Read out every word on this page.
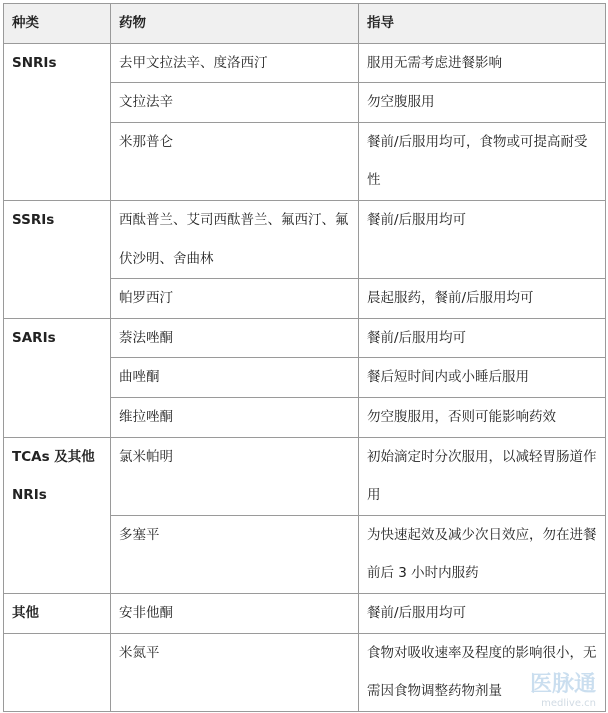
种类	药物	指导
SNRIs	去甲文拉法辛、度洛西汀	服用无需考虑进餐影响
	文拉法辛	勿空腹服用
	米那普仑	餐前/后服用均可，食物或可提高耐受性
SSRIs	西酞普兰、艾司西酞普兰、氟西汀、氟伏沙明、舍曲林	餐前/后服用均可
	帕罗西汀	晨起服药，餐前/后服用均可
SARIs	萘法唑酮	餐前/后服用均可
	曲唑酮	餐后短时间内或小睡后服用
	维拉唑酮	勿空腹服用，否则可能影响药效
TCAs 及其他 NRIs	氯米帕明	初始滴定时分次服用，以减轻胃肠道作用
	多塞平	为快速起效及减少次日效应，勿在进餐前后 3 小时内服药
其他	安非他酮	餐前/后服用均可
	米氮平	食物对吸收速率及程度的影响很小，无需因食物调整药物剂量 医脉通
medlive.cn
